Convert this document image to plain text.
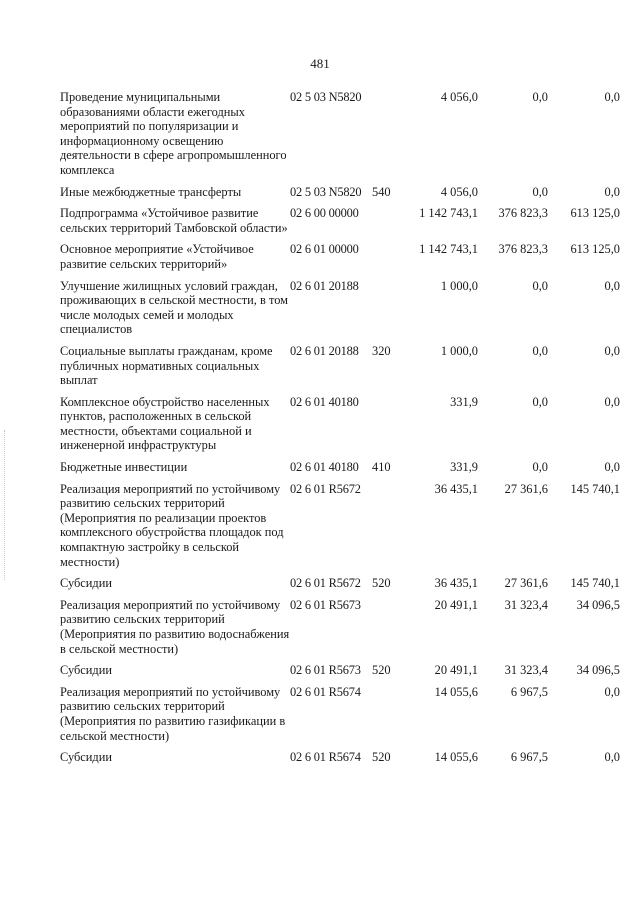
481
Проведение муниципальными образованиями области ежегодных мероприятий по популяризации и информационному освещению деятельности в сфере агропромышленного комплекса	02 5 03 N5820		4 056,0	0,0	0,0
Иные межбюджетные трансферты	02 5 03 N5820	540	4 056,0	0,0	0,0
Подпрограмма «Устойчивое развитие сельских территорий Тамбовской области»	02 6 00 00000		1 142 743,1	376 823,3	613 125,0
Основное мероприятие «Устойчивое развитие сельских территорий»	02 6 01 00000		1 142 743,1	376 823,3	613 125,0
Улучшение жилищных условий граждан, проживающих в сельской местности, в том числе молодых семей и молодых специалистов	02 6 01 20188		1 000,0	0,0	0,0
Социальные выплаты гражданам, кроме публичных нормативных социальных выплат	02 6 01 20188	320	1 000,0	0,0	0,0
Комплексное обустройство населенных пунктов, расположенных в сельской местности, объектами социальной и инженерной инфраструктуры	02 6 01 40180		331,9	0,0	0,0
Бюджетные инвестиции	02 6 01 40180	410	331,9	0,0	0,0
Реализация мероприятий по устойчивому развитию сельских территорий (Мероприятия по реализации проектов комплексного обустройства площадок под компактную застройку в сельской местности)	02 6 01 R5672		36 435,1	27 361,6	145 740,1
Субсидии	02 6 01 R5672	520	36 435,1	27 361,6	145 740,1
Реализация мероприятий по устойчивому развитию сельских территорий (Мероприятия по развитию водоснабжения в сельской местности)	02 6 01 R5673		20 491,1	31 323,4	34 096,5
Субсидии	02 6 01 R5673	520	20 491,1	31 323,4	34 096,5
Реализация мероприятий по устойчивому развитию сельских территорий (Мероприятия по развитию газификации в сельской местности)	02 6 01 R5674		14 055,6	6 967,5	0,0
Субсидии	02 6 01 R5674	520	14 055,6	6 967,5	0,0
